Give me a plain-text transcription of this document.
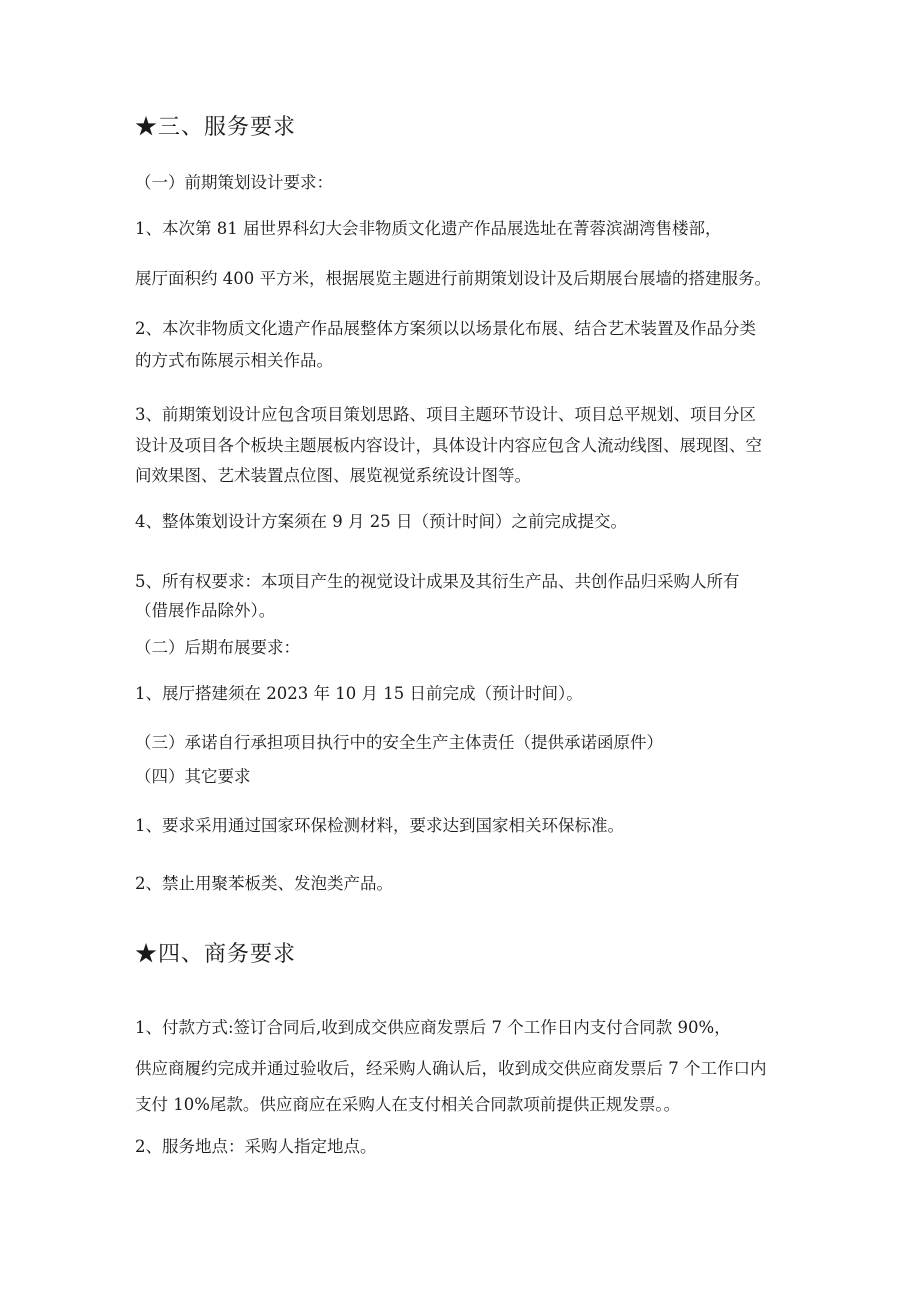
★三、服务要求
（一）前期策划设计要求：
1、本次第 81 届世界科幻大会非物质文化遗产作品展选址在菁蓉滨湖湾售楼部，
展厅面积约 400 平方米，根据展览主题进行前期策划设计及后期展台展墙的搭建服务。
2、本次非物质文化遗产作品展整体方案须以以场景化布展、结合艺术装置及作品分类
的方式布陈展示相关作品。
3、前期策划设计应包含项目策划思路、项目主题环节设计、项目总平规划、项目分区
设计及项目各个板块主题展板内容设计，具体设计内容应包含人流动线图、展现图、空
间效果图、艺术装置点位图、展览视觉系统设计图等。
4、整体策划设计方案须在 9 月 25 日（预计时间）之前完成提交。
5、所有权要求：本项目产生的视觉设计成果及其衍生产品、共创作品归采购人所有
（借展作品除外）。
（二）后期布展要求：
1、展厅搭建须在 2023 年 10 月 15 日前完成（预计时间）。
（三）承诺自行承担项目执行中的安全生产主体责任（提供承诺函原件）
（四）其它要求
1、要求采用通过国家环保检测材料，要求达到国家相关环保标准。
2、禁止用聚苯板类、发泡类产品。
★四、商务要求
1、付款方式:签订合同后,收到成交供应商发票后 7 个工作日内支付合同款 90%，
供应商履约完成并通过验收后，经采购人确认后，收到成交供应商发票后 7 个工作口内
支付 10%尾款。供应商应在采购人在支付相关合同款项前提供正规发票。。
2、服务地点：采购人指定地点。
